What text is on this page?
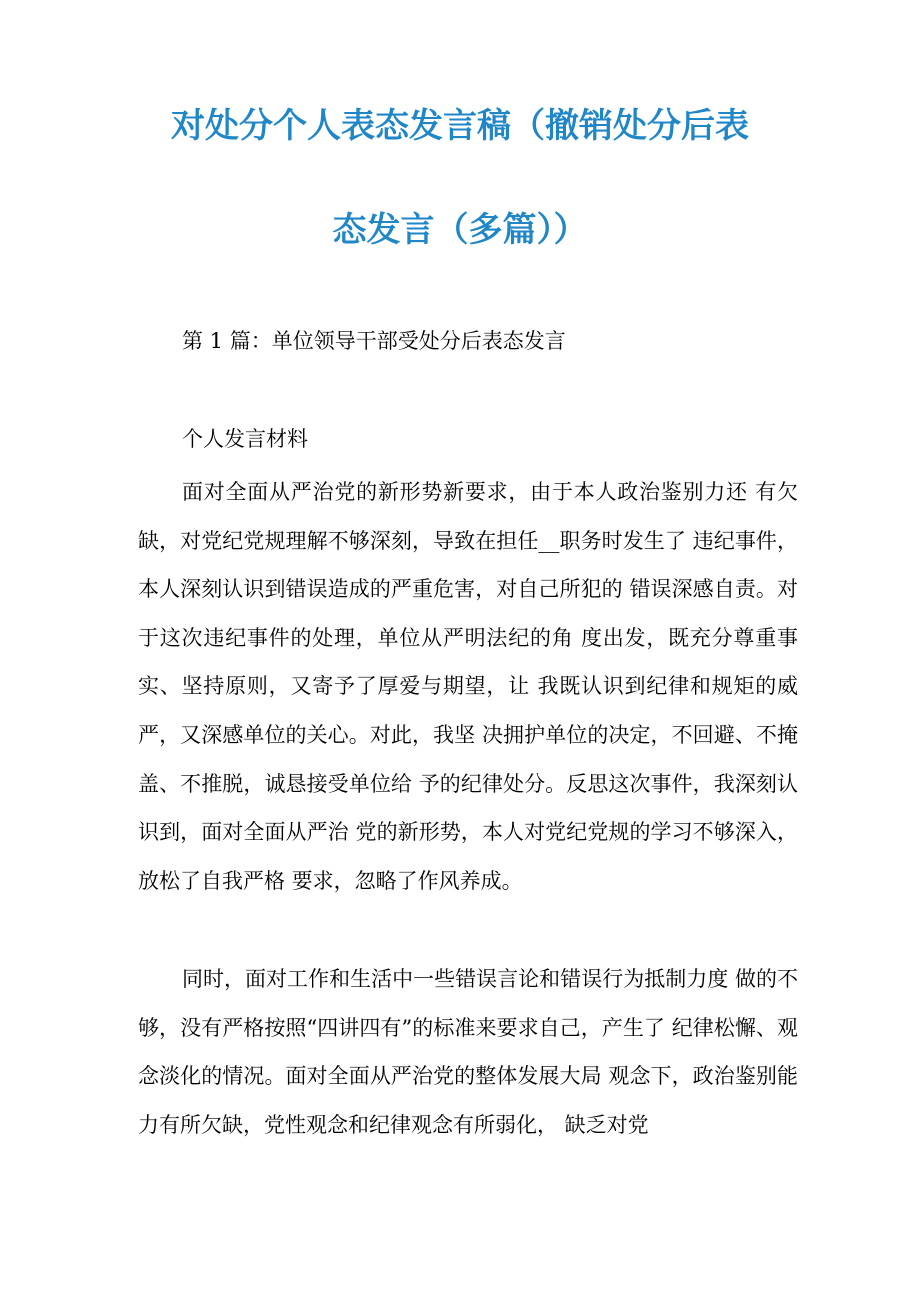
对处分个人表态发言稿（撤销处分后表
态发言（多篇））
第 1 篇：单位领导干部受处分后表态发言
个人发言材料
面对全面从严治党的新形势新要求，由于本人政治鉴别力还 有欠缺，对党纪党规理解不够深刻，导致在担任__职务时发生了 违纪事件，本人深刻认识到错误造成的严重危害，对自己所犯的 错误深感自责。对于这次违纪事件的处理，单位从严明法纪的角 度出发，既充分尊重事实、坚持原则，又寄予了厚爱与期望，让 我既认识到纪律和规矩的威严，又深感单位的关心。对此，我坚 决拥护单位的决定，不回避、不掩盖、不推脱，诚恳接受单位给 予的纪律处分。反思这次事件，我深刻认识到，面对全面从严治 党的新形势，本人对党纪党规的学习不够深入，放松了自我严格 要求，忽略了作风养成。
同时，面对工作和生活中一些错误言论和错误行为抵制力度 做的不够，没有严格按照“四讲四有”的标准来要求自己，产生了 纪律松懈、观念淡化的情况。面对全面从严治党的整体发展大局 观念下，政治鉴别能力有所欠缺，党性观念和纪律观念有所弱化， 缺乏对党
